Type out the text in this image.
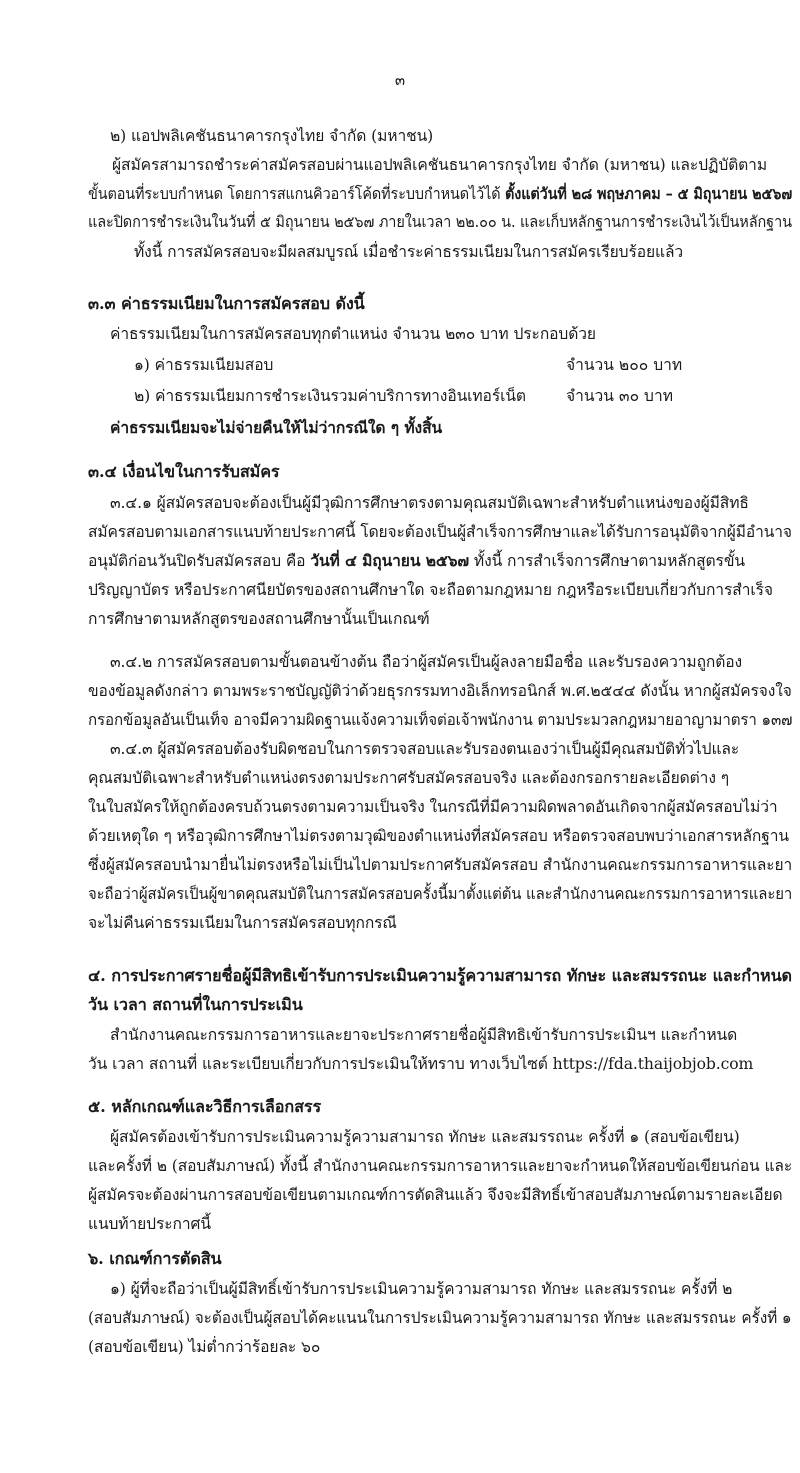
๓
๒) แอปพลิเคชันธนาคารกรุงไทย จำกัด (มหาชน)
ผู้สมัครสามารถชำระค่าสมัครสอบผ่านแอปพลิเคชันธนาคารกรุงไทย จำกัด (มหาชน) และปฏิบัติตาม
ขั้นตอนที่ระบบกำหนด โดยการสแกนคิวอาร์โค้ดที่ระบบกำหนดไว้ได้ ตั้งแต่วันที่ ๒๘ พฤษภาคม – ๕ มิถุนายน ๒๕๖๗
และปิดการชำระเงินในวันที่ ๕ มิถุนายน ๒๕๖๗ ภายในเวลา ๒๒.๐๐ น. และเก็บหลักฐานการชำระเงินไว้เป็นหลักฐาน
ทั้งนี้ การสมัครสอบจะมีผลสมบูรณ์ เมื่อชำระค่าธรรมเนียมในการสมัครเรียบร้อยแล้ว
๓.๓ ค่าธรรมเนียมในการสมัครสอบ ดังนี้
ค่าธรรมเนียมในการสมัครสอบทุกตำแหน่ง จำนวน ๒๓๐ บาท ประกอบด้วย
๑) ค่าธรรมเนียมสอบ	จำนวน ๒๐๐ บาท
๒) ค่าธรรมเนียมการชำระเงินรวมค่าบริการทางอินเทอร์เน็ต	จำนวน ๓๐ บาท
ค่าธรรมเนียมจะไม่จ่ายคืนให้ไม่ว่ากรณีใด ๆ ทั้งสิ้น
๓.๔ เงื่อนไขในการรับสมัคร
๓.๔.๑ ผู้สมัครสอบจะต้องเป็นผู้มีวุฒิการศึกษาตรงตามคุณสมบัติเฉพาะสำหรับตำแหน่งของผู้มีสิทธิ
สมัครสอบตามเอกสารแนบท้ายประกาศนี้ โดยจะต้องเป็นผู้สำเร็จการศึกษาและได้รับการอนุมัติจากผู้มีอำนาจ
อนุมัติก่อนวันปิดรับสมัครสอบ คือ วันที่ ๔ มิถุนายน ๒๕๖๗ ทั้งนี้ การสำเร็จการศึกษาตามหลักสูตรขั้น
ปริญญาบัตร หรือประกาศนียบัตรของสถานศึกษาใด จะถือตามกฎหมาย กฎหรือระเบียบเกี่ยวกับการสำเร็จ
การศึกษาตามหลักสูตรของสถานศึกษานั้นเป็นเกณฑ์
๓.๔.๒ การสมัครสอบตามขั้นตอนข้างต้น ถือว่าผู้สมัครเป็นผู้ลงลายมือชื่อ และรับรองความถูกต้อง
ของข้อมูลดังกล่าว ตามพระราชบัญญัติว่าด้วยธุรกรรมทางอิเล็กทรอนิกส์ พ.ศ.๒๕๔๔ ดังนั้น หากผู้สมัครจงใจ
กรอกข้อมูลอันเป็นเท็จ อาจมีความผิดฐานแจ้งความเท็จต่อเจ้าพนักงาน ตามประมวลกฎหมายอาญามาตรา ๑๓๗
๓.๔.๓ ผู้สมัครสอบต้องรับผิดชอบในการตรวจสอบและรับรองตนเองว่าเป็นผู้มีคุณสมบัติทั่วไปและ
คุณสมบัติเฉพาะสำหรับตำแหน่งตรงตามประกาศรับสมัครสอบจริง และต้องกรอกรายละเอียดต่าง ๆ
ในใบสมัครให้ถูกต้องครบถ้วนตรงตามความเป็นจริง ในกรณีที่มีความผิดพลาดอันเกิดจากผู้สมัครสอบไม่ว่า
ด้วยเหตุใด ๆ หรือวุฒิการศึกษาไม่ตรงตามวุฒิของตำแหน่งที่สมัครสอบ หรือตรวจสอบพบว่าเอกสารหลักฐาน
ซึ่งผู้สมัครสอบนำมายื่นไม่ตรงหรือไม่เป็นไปตามประกาศรับสมัครสอบ สำนักงานคณะกรรมการอาหารและยา
จะถือว่าผู้สมัครเป็นผู้ขาดคุณสมบัติในการสมัครสอบครั้งนี้มาตั้งแต่ต้น และสำนักงานคณะกรรมการอาหารและยา
จะไม่คืนค่าธรรมเนียมในการสมัครสอบทุกกรณี
๔. การประกาศรายชื่อผู้มีสิทธิเข้ารับการประเมินความรู้ความสามารถ ทักษะ และสมรรถนะ และกำหนด
วัน เวลา สถานที่ในการประเมิน
สำนักงานคณะกรรมการอาหารและยาจะประกาศรายชื่อผู้มีสิทธิเข้ารับการประเมินฯ และกำหนด
วัน เวลา สถานที่ และระเบียบเกี่ยวกับการประเมินให้ทราบ ทางเว็บไซต์ https://fda.thaijobjob.com
๕. หลักเกณฑ์และวิธีการเลือกสรร
ผู้สมัครต้องเข้ารับการประเมินความรู้ความสามารถ ทักษะ และสมรรถนะ ครั้งที่ ๑ (สอบข้อเขียน)
และครั้งที่ ๒ (สอบสัมภาษณ์) ทั้งนี้ สำนักงานคณะกรรมการอาหารและยาจะกำหนดให้สอบข้อเขียนก่อน และ
ผู้สมัครจะต้องผ่านการสอบข้อเขียนตามเกณฑ์การตัดสินแล้ว จึงจะมีสิทธิ์เข้าสอบสัมภาษณ์ตามรายละเอียด
แนบท้ายประกาศนี้
๖. เกณฑ์การตัดสิน
๑) ผู้ที่จะถือว่าเป็นผู้มีสิทธิ์เข้ารับการประเมินความรู้ความสามารถ ทักษะ และสมรรถนะ ครั้งที่ ๒
(สอบสัมภาษณ์) จะต้องเป็นผู้สอบได้คะแนนในการประเมินความรู้ความสามารถ ทักษะ และสมรรถนะ ครั้งที่ ๑
(สอบข้อเขียน) ไม่ต่ำกว่าร้อยละ ๖๐
